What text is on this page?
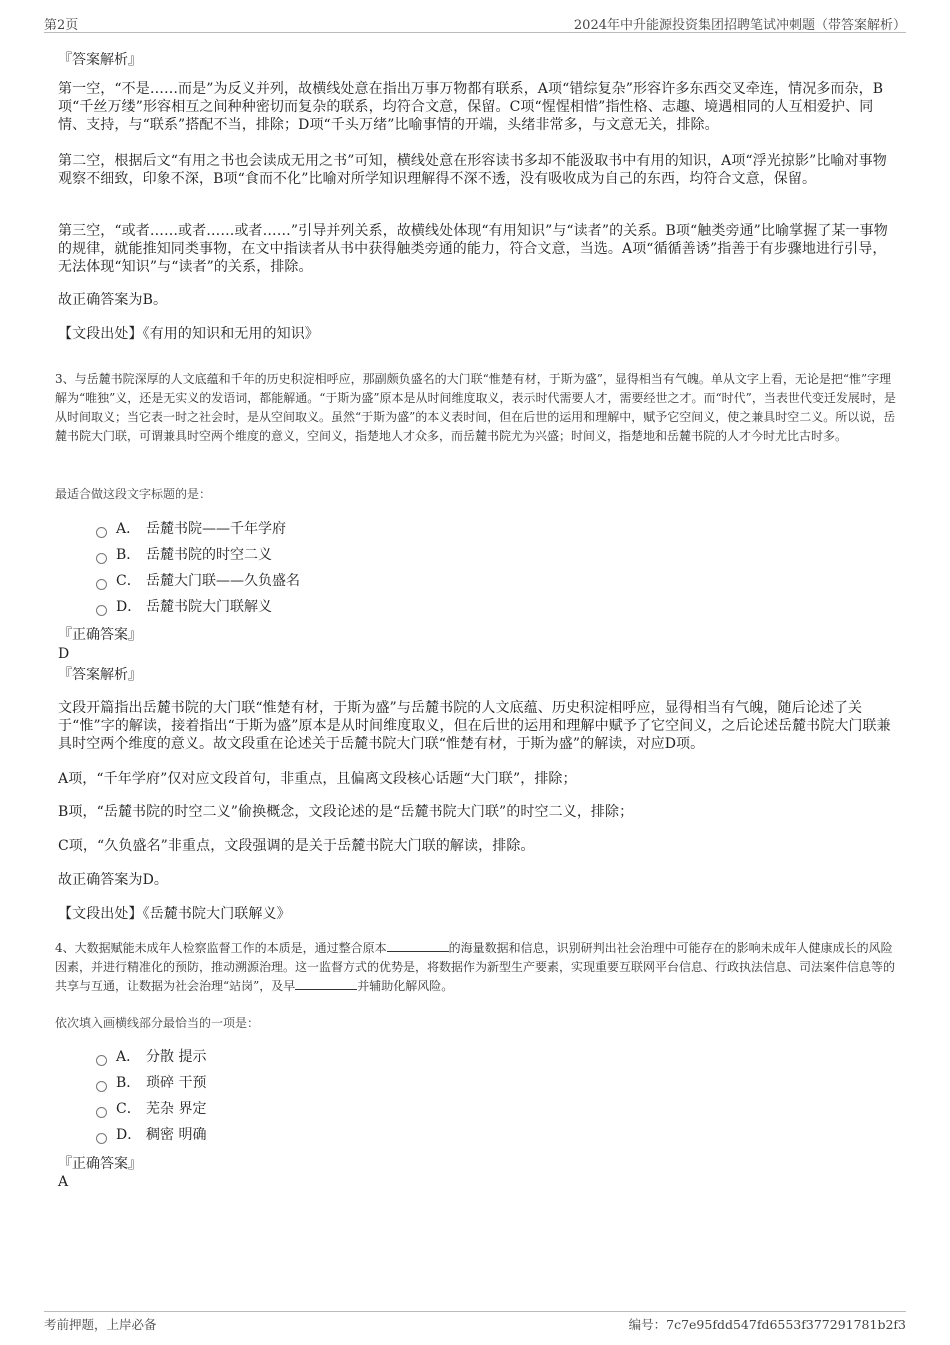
第2页	2024年中升能源投资集团招聘笔试冲刺题（带答案解析）
『答案解析』
第一空，“不是……而是”为反义并列，故横线处意在指出万事万物都有联系，A项“错综复杂”形容许多东西交叉牵连，情况多而杂，B项“千丝万缕”形容相互之间种种密切而复杂的联系，均符合文意，保留。C项“惺惺相惜”指性格、志趣、境遇相同的人互相爱护、同情、支持，与“联系”搭配不当，排除；D项“千头万绪”比喻事情的开端，头绪非常多，与文意无关，排除。
第二空，根据后文“有用之书也会读成无用之书”可知，横线处意在形容读书多却不能汲取书中有用的知识，A项“浮光掠影”比喻对事物观察不细致，印象不深，B项“食而不化”比喻对所学知识理解得不深不透，没有吸收成为自己的东西，均符合文意，保留。
第三空，“或者……或者……或者……”引导并列关系，故横线处体现“有用知识”与“读者”的关系。B项“触类旁通”比喻掌握了某一事物的规律，就能推知同类事物，在文中指读者从书中获得触类旁通的能力，符合文意，当选。A项“循循善诱”指善于有步骤地进行引导，无法体现“知识”与“读者”的关系，排除。
故正确答案为B。
【文段出处】《有用的知识和无用的知识》
3、与岳麓书院深厚的人文底蕴和千年的历史积淀相呼应，那副颇负盛名的大门联“惟楚有材，于斯为盛”，显得相当有气魄。单从文字上看，无论是把“惟”字理解为“唯独”义，还是无实义的发语词，都能解通。“于斯为盛”原本是从时间维度取义，表示时代需要人才，需要经世之才。而“时代”，当表世代变迁发展时，是从时间取义；当它表一时之社会时，是从空间取义。虽然“于斯为盛”的本义表时间，但在后世的运用和理解中，赋予它空间义，使之兼具时空二义。所以说，岳麓书院大门联，可谓兼具时空两个维度的意义，空间义，指楚地人才众多，而岳麓书院尤为兴盛；时间义，指楚地和岳麓书院的人才今时尤比古时多。
最适合做这段文字标题的是：
A． 岳麓书院——千年学府
B． 岳麓书院的时空二义
C． 岳麓大门联——久负盛名
D． 岳麓书院大门联解义
『正确答案』
D
『答案解析』
文段开篇指出岳麓书院的大门联“惟楚有材，于斯为盛”与岳麓书院的人文底蕴、历史积淀相呼应，显得相当有气魄，随后论述了关于“惟”字的解读，接着指出“于斯为盛”原本是从时间维度取义，但在后世的运用和理解中赋予了它空间义，之后论述岳麓书院大门联兼具时空两个维度的意义。故文段重在论述关于岳麓书院大门联“惟楚有材，于斯为盛”的解读，对应D项。
A项，“千年学府”仅对应文段首句，非重点，且偏离文段核心话题“大门联”，排除；
B项，“岳麓书院的时空二义”偷换概念，文段论述的是“岳麓书院大门联”的时空二义，排除；
C项，“久负盛名”非重点，文段强调的是关于岳麓书院大门联的解读，排除。
故正确答案为D。
【文段出处】《岳麓书院大门联解义》
4、大数据赋能未成年人检察监督工作的本质是，通过整合原本	的海量数据和信息，识别研判出社会治理中可能存在的影响未成年人健康成长的风险因素，并进行精准化的预防，推动溯源治理。这一监督方式的优势是，将数据作为新型生产要素，实现重要互联网平台信息、行政执法信息、司法案件信息等的共享与互通，让数据为社会治理“站岗”，及早	并辅助化解风险。
依次填入画横线部分最恰当的一项是：
A． 分散 提示
B． 琐碎 干预
C． 芜杂 界定
D． 稠密 明确
『正确答案』
A
考前押题，上岸必备	编号：7c7e95fdd547fd6553f377291781b2f3
